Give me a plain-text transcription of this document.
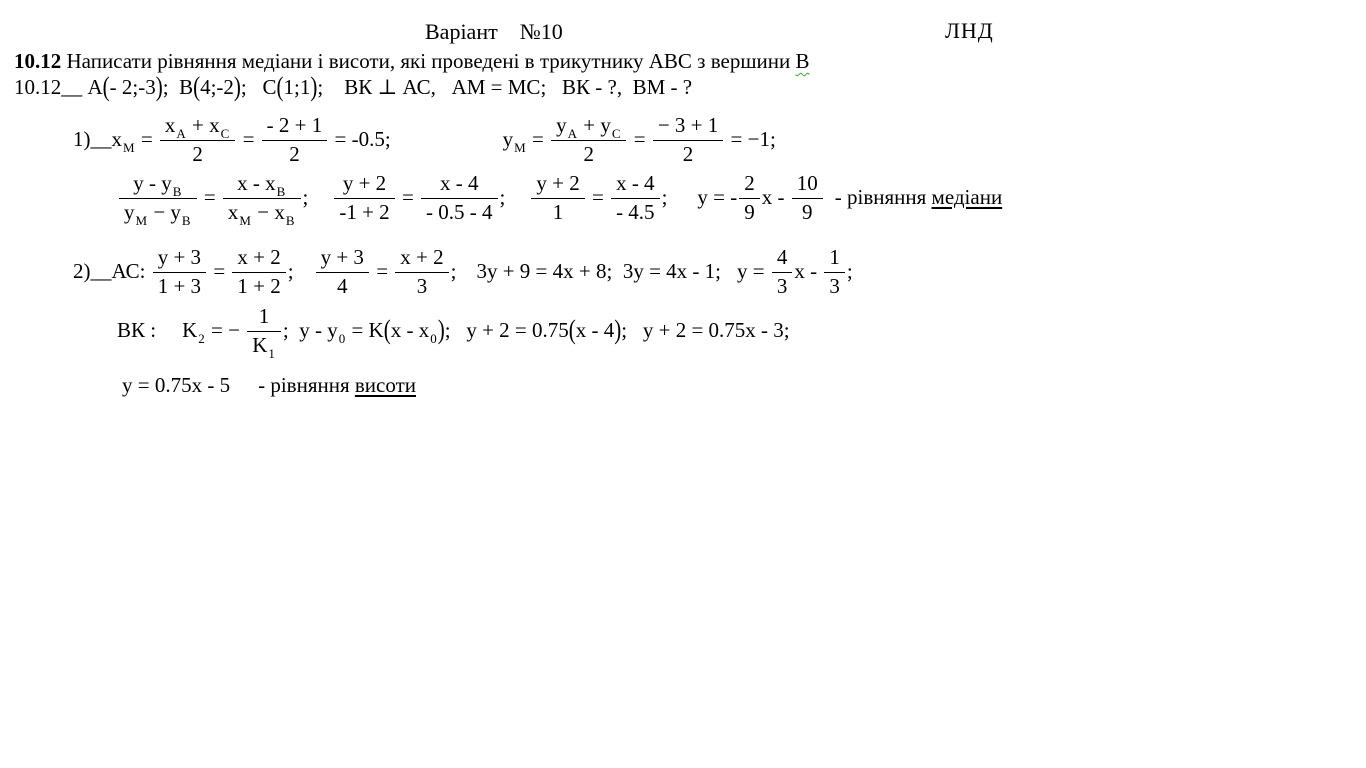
Варіант    №10	ЛНД
10.12 Написати рівняння медіани і висоти, які проведені в трикутнику АВС з вершини В
10.12 __ А ( - 2;-3 ) ;  В ( 4;-2 ) ;   С ( 1;1 ) ;    ВК ⊥ АС,   АМ = МС;   ВК - ?,  ВМ - ?
1) __ $x_М = \frac{x_А + x_С}{2} = \frac{- 2 + 1}{2} = -0.5$;	$y_М = \frac{y_А + y_С}{2} = \frac{- 3 + 1}{2} = -1$;
$\frac{y - y_В}{y_М - y_В} = \frac{x - x_В}{x_М - x_В}$ ; $\frac{y + 2}{-1 + 2} = \frac{x - 4}{- 0.5 - 4}$ ; $\frac{y + 2}{1} = \frac{x - 4}{- 4.5}$ ; y = - $\frac{2}{9}$ x - $\frac{10}{9}$ - рівняння медіани
2) __ АС: $\frac{y + 3}{1 + 3} = \frac{x + 2}{1 + 2}$ ; $\frac{y + 3}{4} = \frac{x + 2}{3}$ ; 3y + 9 = 4x + 8;  3y = 4x - 1; $y = \frac{4}{3}$ x - $\frac{1}{3}$ ;
ВК : $K_2$ = − $\frac{1}{K_1}$ ;  $y - y_0 = K$ ( x - $x_0$ ) ;   y + 2 = 0.75 ( x - 4 ) ;   y + 2 = 0.75x - 3;
y = 0.75x - 5 - рівняння висоти
